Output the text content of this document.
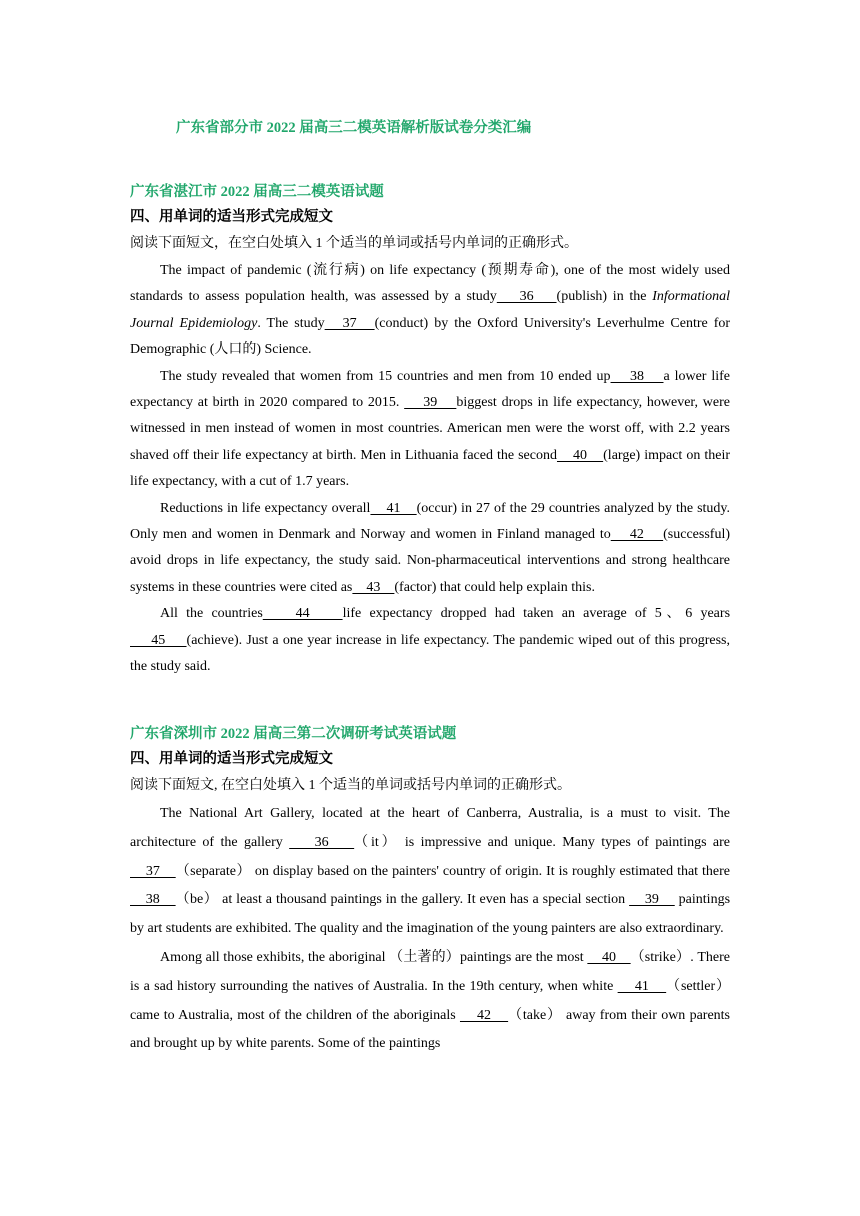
广东省部分市 2022 届高三二模英语解析版试卷分类汇编
广东省湛江市 2022 届高三二模英语试题
四、用单词的适当形式完成短文
阅读下面短文，在空白处填入 1 个适当的单词或括号内单词的正确形式。

The impact of pandemic (流行病) on life expectancy (预期寿命), one of the most widely used standards to assess population health, was assessed by a study    36    (publish) in the Informational Journal Epidemiology. The study   37   (conduct) by the Oxford University's Leverhulme Centre for Demographic (人口的) Science.

The study revealed that women from 15 countries and men from 10 ended up    38    a lower life expectancy at birth in 2020 compared to 2015.     39    biggest drops in life expectancy, however, were witnessed in men instead of women in most countries. American men were the worst off, with 2.2 years shaved off their life expectancy at birth. Men in Lithuania faced the second    40    (large) impact on their life expectancy, with a cut of 1.7 years.

Reductions in life expectancy overall    41    (occur) in 27 of the 29 countries analyzed by the study. Only men and women in Denmark and Norway and women in Finland managed to    42    (successful) avoid drops in life expectancy, the study said. Non-pharmaceutical interventions and strong healthcare systems in these countries were cited as    43    (factor) that could help explain this.

All the countries    44    life expectancy dropped had taken an average of 5、6 years     45     (achieve). Just a one year increase in life expectancy. The pandemic wiped out of this progress, the study said.

广东省深圳市 2022 届高三第二次调研考试英语试题
四、用单词的适当形式完成短文
阅读下面短文, 在空白处填入 1 个适当的单词或括号内单词的正确形式。

The National Art Gallery, located at the heart of Canberra, Australia, is a must to visit. The architecture of the gallery     36    （it） is impressive and unique. Many types of paintings are     37    （separate） on display based on the painters' country of origin. It is roughly estimated that there     38    （be） at least a thousand paintings in the gallery. It even has a special section     39     paintings by art students are exhibited. The quality and the imagination of the young painters are also extraordinary.

Among all those exhibits, the aboriginal （土著的）paintings are the most     40    （strike）. There is a sad history surrounding the natives of Australia. In the 19th century, when white     41    （settler） came to Australia, most of the children of the aboriginals     42    （take） away from their own parents and brought up by white parents. Some of the paintings
